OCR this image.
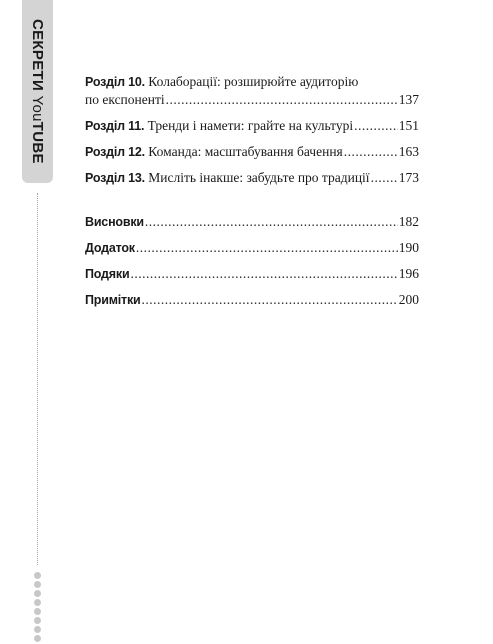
СЕКРЕТИ YouTUBE
Розділ 10. Колаборації: розширюйте аудиторію
по експоненті .....	137
Розділ 11. Тренди і намети: грайте на культурі .....	151
Розділ 12. Команда: масштабування бачення .....	163
Розділ 13. Мисліть інакше: забудьте про традиції ..... 173
Висновки .....	182
Додаток .....	190
Подяки .....	196
Примітки .....	200
